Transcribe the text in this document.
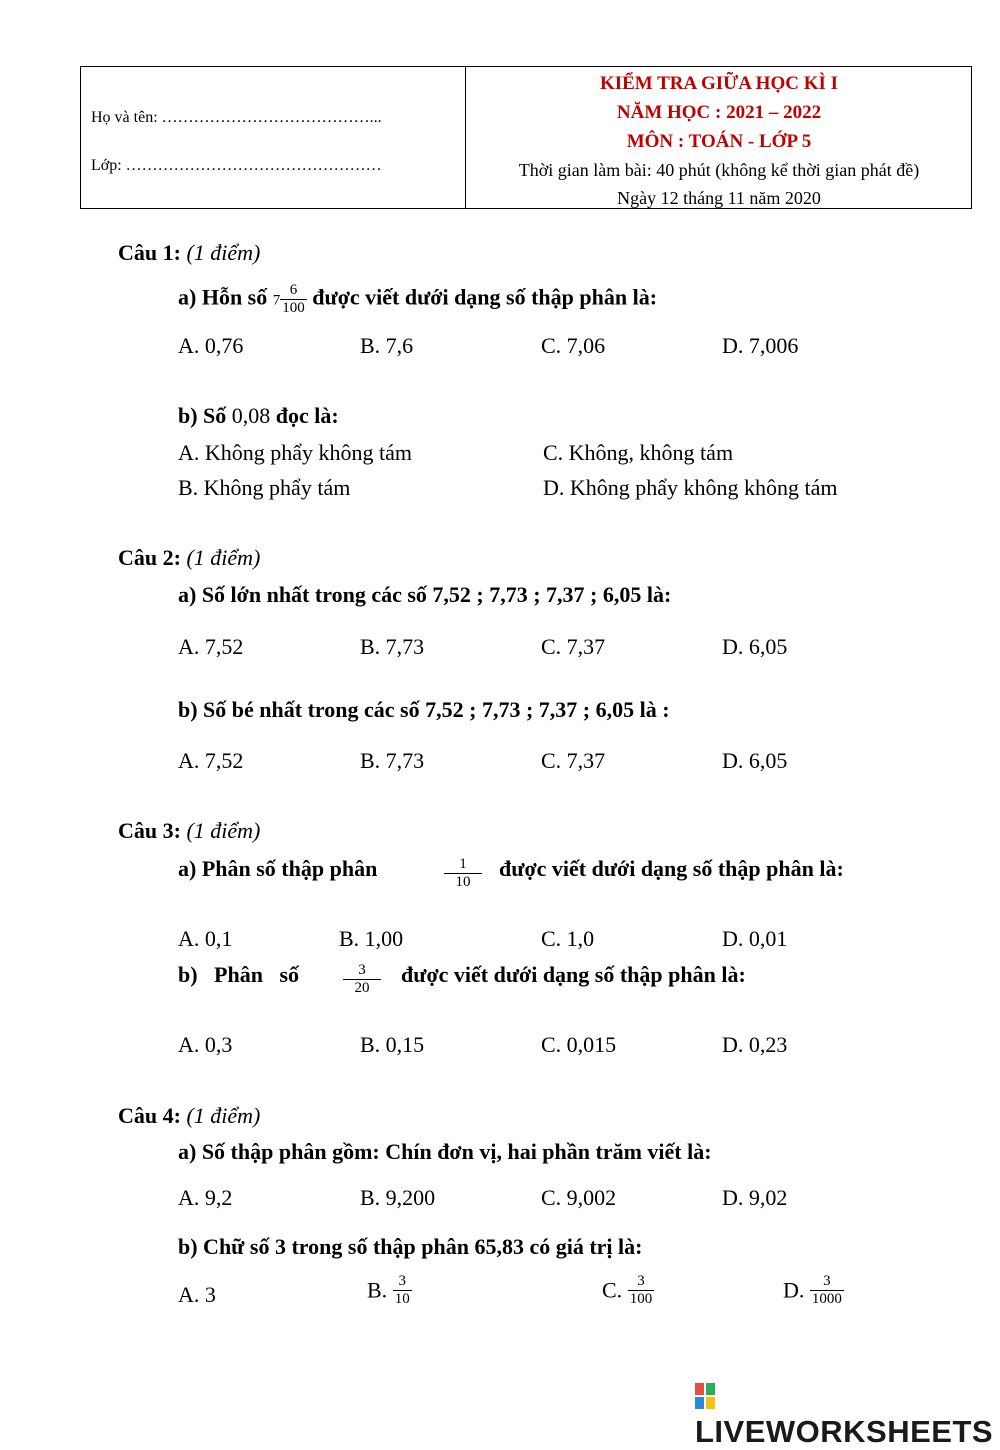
Họ và tên: …………………………………...
Lớp: …………………………………………
KIỂM TRA GIỮA HỌC KÌ I
NĂM HỌC : 2021 – 2022
MÔN : TOÁN - LỚP 5
Thời gian làm bài: 40 phút (không kể thời gian phát đề)
Ngày 12 tháng 11 năm 2020
Câu 1: (1 điểm)
a) Hỗn số $7 \frac{6}{100}$ được viết dưới dạng số thập phân là:
A. 0,76	B. 7,6	C. 7,06	D. 7,006
b) Số 0,08 đọc là:
A. Không phẩy không tám	C. Không, không tám
B. Không phẩy tám	D. Không phẩy không không tám
Câu 2: (1 điểm)
a) Số lớn nhất trong các số 7,52 ; 7,73 ; 7,37 ; 6,05 là:
A. 7,52	B. 7,73	C. 7,37	D. 6,05
b) Số bé nhất trong các số 7,52 ; 7,73 ; 7,37 ; 6,05 là :
A. 7,52	B. 7,73	C. 7,37	D. 6,05
Câu 3: (1 điểm)
a) Phân số thập phân	$\frac{1}{10}$ được viết dưới dạng số thập phân là:
A. 0,1	B. 1,00	C. 1,0	D. 0,01
b)   Phân   số	$\frac{3}{20}$ được viết dưới dạng số thập phân là:
A. 0,3	B. 0,15	C. 0,015	D. 0,23
Câu 4: (1 điểm)
a) Số thập phân gồm: Chín đơn vị, hai phần trăm viết là:
A. 9,2	B. 9,200	C. 9,002	D. 9,02
b) Chữ số 3 trong số thập phân 65,83 có giá trị là:
A. 3	B. $\frac{3}{10}$	C. $\frac{3}{100}$	D. $\frac{3}{1000}$
LIVEWORKSHEETS
